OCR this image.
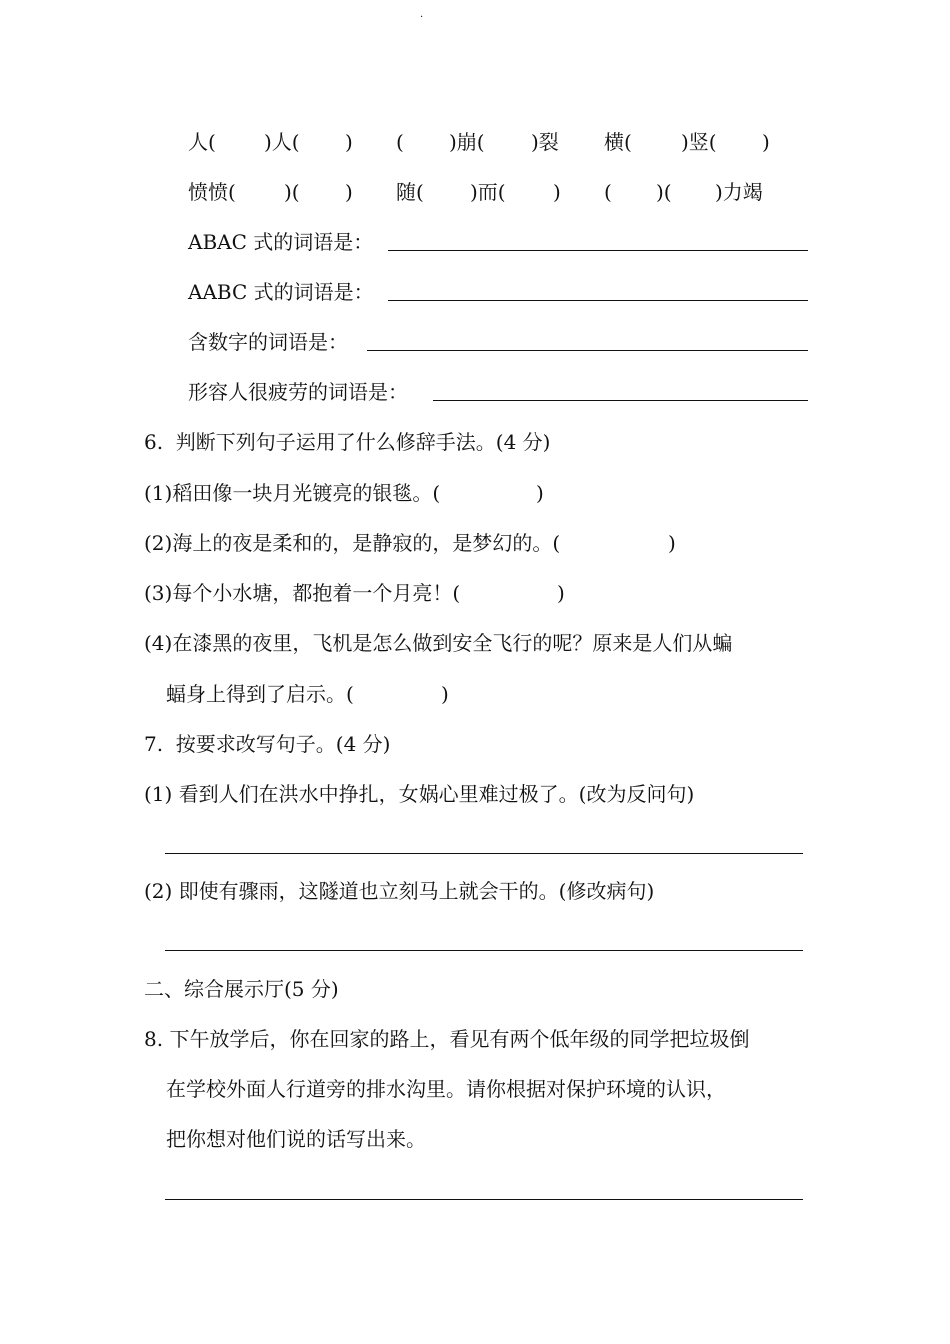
·
人( )人( ) ( )崩( )裂 横( )竖( )
愤愤( )( ) 随( )而( ) ( )( )力竭
ABAC 式的词语是：
AABC 式的词语是：
含数字的词语是：
形容人很疲劳的词语是：
6.  判断下列句子运用了什么修辞手法。(4 分)
(1)稻田像一块月光镀亮的银毯。(	)
(2)海上的夜是柔和的，是静寂的，是梦幻的。(	)
(3)每个小水塘，都抱着一个月亮！(	)
(4)在漆黑的夜里，飞机是怎么做到安全飞行的呢？原来是人们从蝙
蝠身上得到了启示。(	)
7.  按要求改写句子。(4 分)
(1) 看到人们在洪水中挣扎，女娲心里难过极了。(改为反问句)
(2) 即使有骤雨，这隧道也立刻马上就会干的。(修改病句)
二、综合展示厅(5 分)
8. 下午放学后，你在回家的路上，看见有两个低年级的同学把垃圾倒
在学校外面人行道旁的排水沟里。请你根据对保护环境的认识，
把你想对他们说的话写出来。
